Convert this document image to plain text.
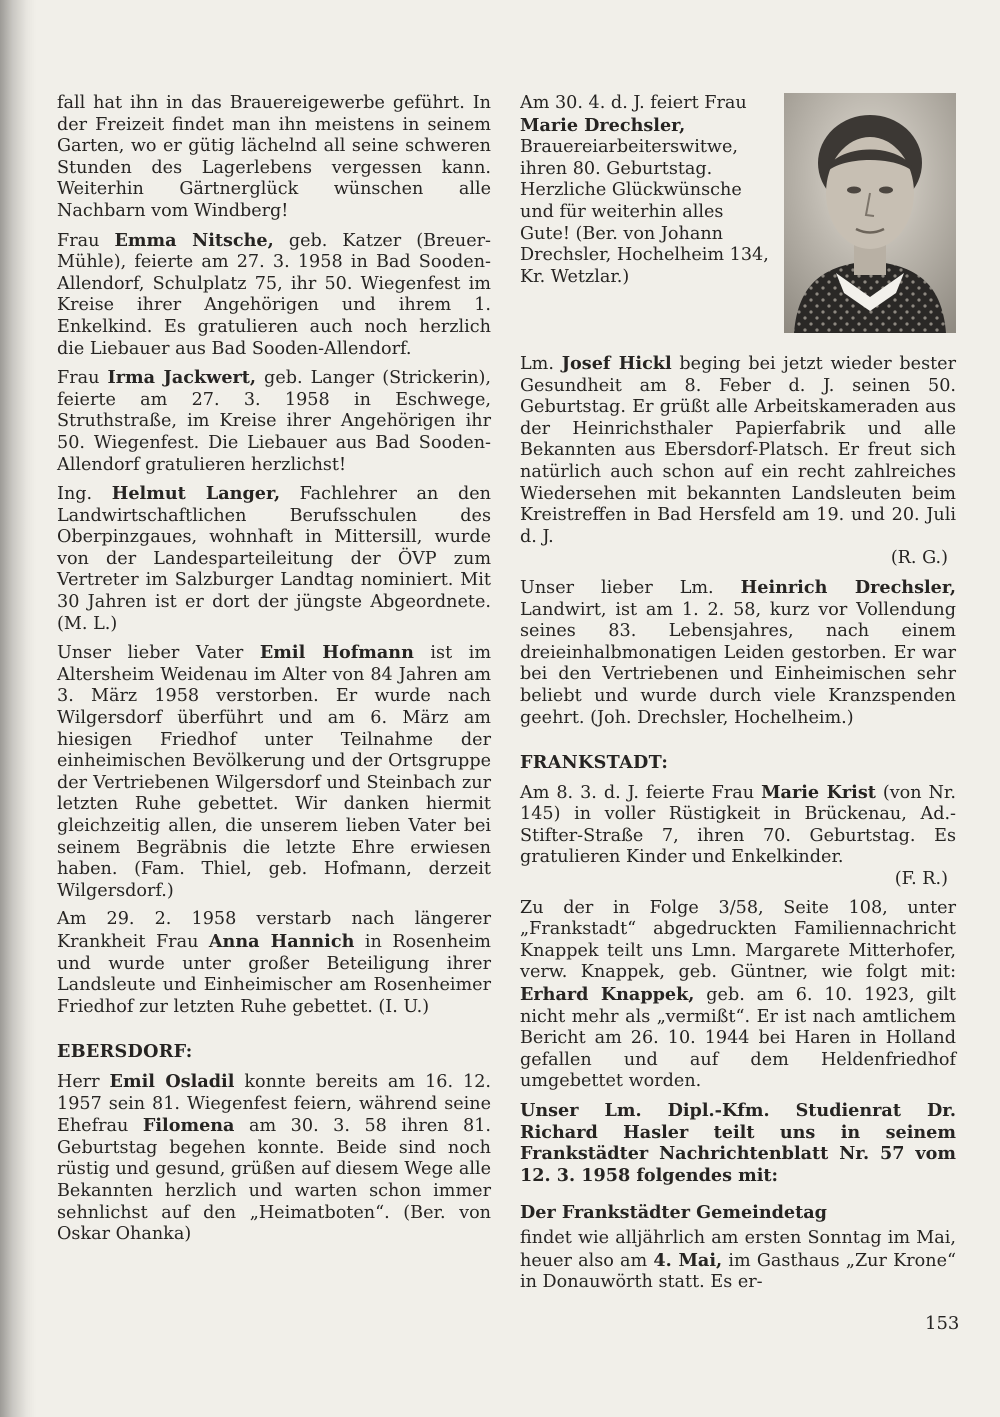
fall hat ihn in das Brauereigewerbe geführt. In der Freizeit findet man ihn meistens in seinem Garten, wo er gütig lächelnd all seine schweren Stunden des Lagerlebens vergessen kann. Weiterhin Gärtnerglück wünschen alle Nachbarn vom Windberg!

Frau Emma Nitsche, geb. Katzer (Breuer-Mühle), feierte am 27. 3. 1958 in Bad Sooden-Allendorf, Schulplatz 75, ihr 50. Wiegenfest im Kreise ihrer Angehörigen und ihrem 1. Enkelkind. Es gratulieren auch noch herzlich die Liebauer aus Bad Sooden-Allendorf.

Frau Irma Jackwert, geb. Langer (Strickerin), feierte am 27. 3. 1958 in Eschwege, Struthstraße, im Kreise ihrer Angehörigen ihr 50. Wiegenfest. Die Liebauer aus Bad Sooden-Allendorf gratulieren herzlichst!

Ing. Helmut Langer, Fachlehrer an den Landwirtschaftlichen Berufsschulen des Oberpinzgaues, wohnhaft in Mittersill, wurde von der Landesparteileitung der ÖVP zum Vertreter im Salzburger Landtag nominiert. Mit 30 Jahren ist er dort der jüngste Abgeordnete. (M. L.)

Unser lieber Vater Emil Hofmann ist im Altersheim Weidenau im Alter von 84 Jahren am 3. März 1958 verstorben. Er wurde nach Wilgersdorf überführt und am 6. März am hiesigen Friedhof unter Teilnahme der einheimischen Bevölkerung und der Ortsgruppe der Vertriebenen Wilgersdorf und Steinbach zur letzten Ruhe gebettet. Wir danken hiermit gleichzeitig allen, die unserem lieben Vater bei seinem Begräbnis die letzte Ehre erwiesen haben. (Fam. Thiel, geb. Hofmann, derzeit Wilgersdorf.)

Am 29. 2. 1958 verstarb nach längerer Krankheit Frau Anna Hannich in Rosenheim und wurde unter großer Beteiligung ihrer Landsleute und Einheimischer am Rosenheimer Friedhof zur letzten Ruhe gebettet. (I. U.)

EBERSDORF:

Herr Emil Osladil konnte bereits am 16. 12. 1957 sein 81. Wiegenfest feiern, während seine Ehefrau Filomena am 30. 3. 58 ihren 81. Geburtstag begehen konnte. Beide sind noch rüstig und gesund, grüßen auf diesem Wege alle Bekannten herzlich und warten schon immer sehnlichst auf den „Heimatboten“. (Ber. von Oskar Ohanka)

Am 30. 4. d. J. feiert Frau Marie Drechsler, Brauereiarbeiterswitwe, ihren 80. Geburtstag. Herzliche Glückwünsche und für weiterhin alles Gute! (Ber. von Johann Drechsler, Hochelheim 134, Kr. Wetzlar.)

Lm. Josef Hickl beging bei jetzt wieder bester Gesundheit am 8. Feber d. J. seinen 50. Geburtstag. Er grüßt alle Arbeitskameraden aus der Heinrichsthaler Papierfabrik und alle Bekannten aus Ebersdorf-Platsch. Er freut sich natürlich auch schon auf ein recht zahlreiches Wiedersehen mit bekannten Landsleuten beim Kreistreffen in Bad Hersfeld am 19. und 20. Juli d. J.

(R. G.)

Unser lieber Lm. Heinrich Drechsler, Landwirt, ist am 1. 2. 58, kurz vor Vollendung seines 83. Lebensjahres, nach einem dreieinhalbmonatigen Leiden gestorben. Er war bei den Vertriebenen und Einheimischen sehr beliebt und wurde durch viele Kranzspenden geehrt. (Joh. Drechsler, Hochelheim.)

FRANKSTADT:

Am 8. 3. d. J. feierte Frau Marie Krist (von Nr. 145) in voller Rüstigkeit in Brückenau, Ad.-Stifter-Straße 7, ihren 70. Geburtstag. Es gratulieren Kinder und Enkelkinder.

(F. R.)

Zu der in Folge 3/58, Seite 108, unter „Frankstadt“ abgedruckten Familiennachricht Knappek teilt uns Lmn. Margarete Mitterhofer, verw. Knappek, geb. Güntner, wie folgt mit: Erhard Knappek, geb. am 6. 10. 1923, gilt nicht mehr als „vermißt“. Er ist nach amtlichem Bericht am 26. 10. 1944 bei Haren in Holland gefallen und auf dem Heldenfriedhof umgebettet worden.

Unser Lm. Dipl.-Kfm. Studienrat Dr. Richard Hasler teilt uns in seinem Frankstädter Nachrichtenblatt Nr. 57 vom 12. 3. 1958 folgendes mit:

Der Frankstädter Gemeindetag

findet wie alljährlich am ersten Sonntag im Mai, heuer also am 4. Mai, im Gasthaus „Zur Krone“ in Donauwörth statt. Es er-

153
